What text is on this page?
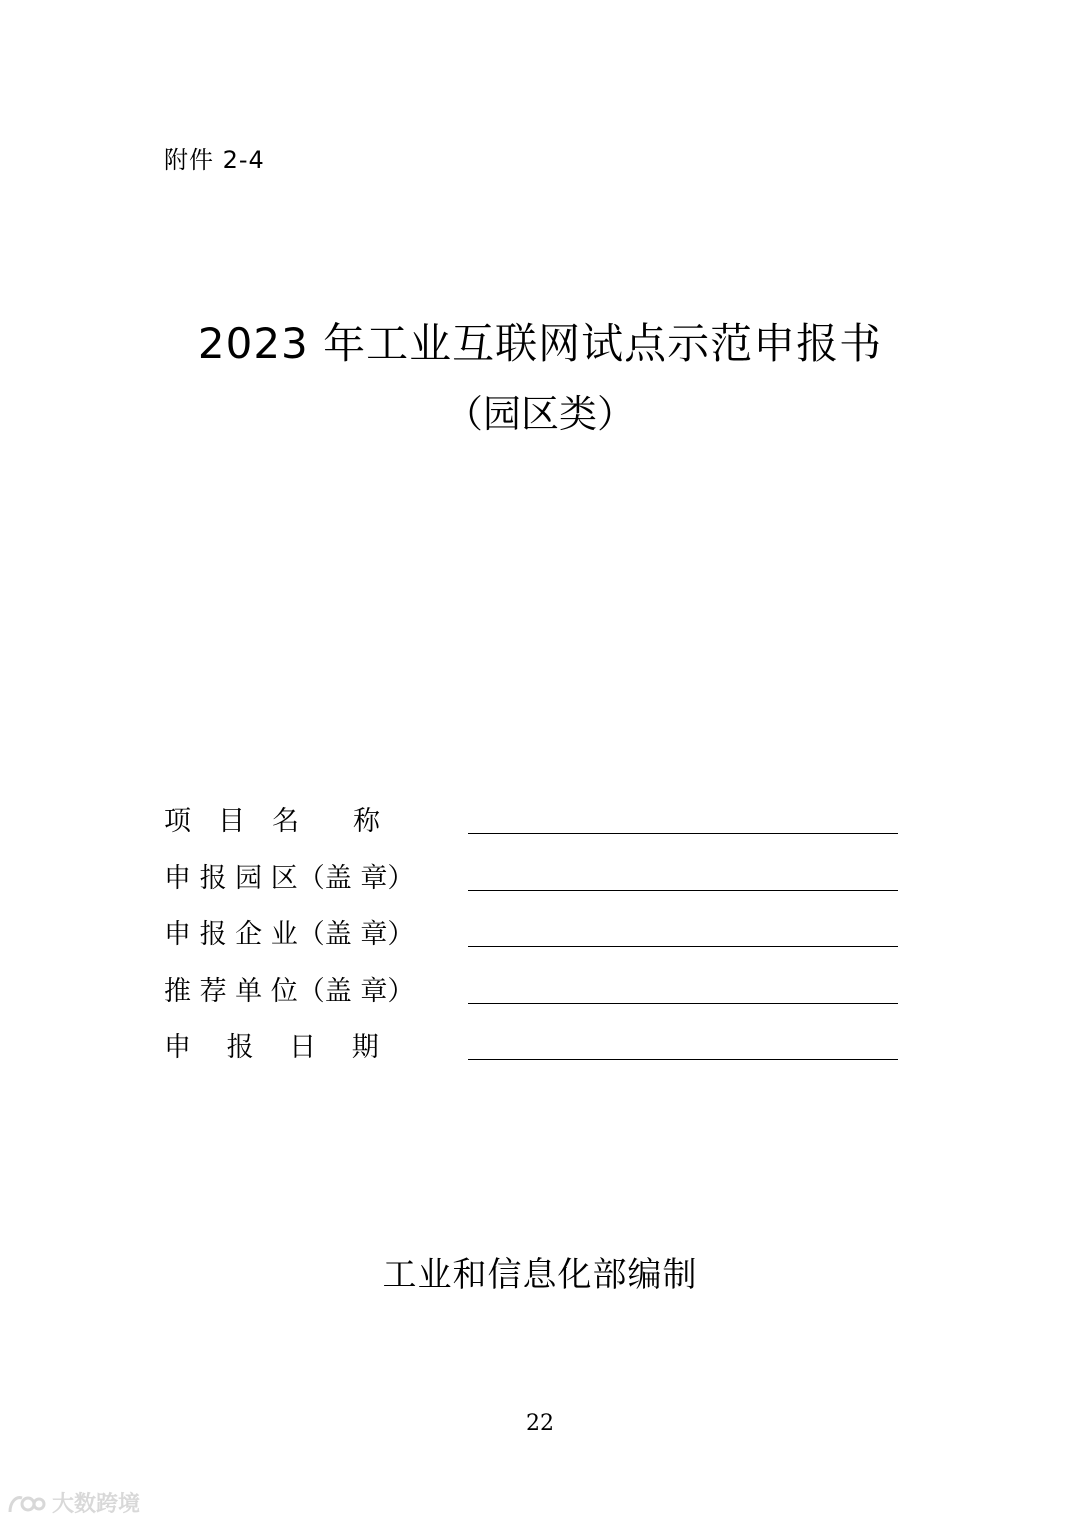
附件 2-4
2023 年工业互联网试点示范申报书
（园区类）
项　目　名　　称
申 报 园 区（盖 章）
申 报 企 业（盖 章）
推 荐 单 位（盖 章）
申　 报　 日　 期
工业和信息化部编制
22
大数跨境
